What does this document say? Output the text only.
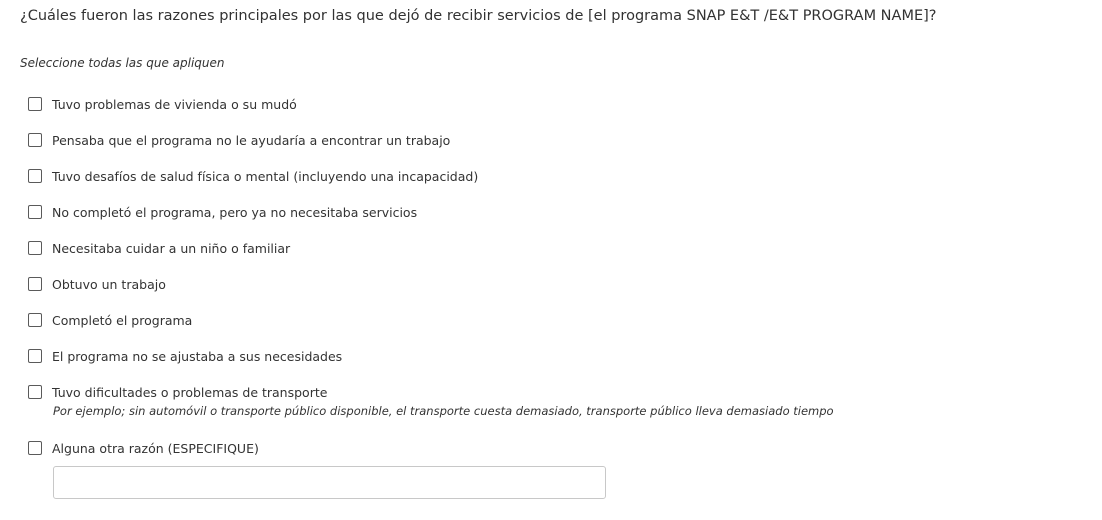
¿Cuáles fueron las razones principales por las que dejó de recibir servicios de [el programa SNAP E&T /E&T PROGRAM NAME]?
Seleccione todas las que apliquen
Tuvo problemas de vivienda o su mudó
Pensaba que el programa no le ayudaría a encontrar un trabajo
Tuvo desafíos de salud física o mental (incluyendo una incapacidad)
No completó el programa, pero ya no necesitaba servicios
Necesitaba cuidar a un niño o familiar
Obtuvo un trabajo
Completó el programa
El programa no se ajustaba a sus necesidades
Tuvo dificultades o problemas de transporte
Por ejemplo; sin automóvil o transporte público disponible, el transporte cuesta demasiado, transporte público lleva demasiado tiempo
Alguna otra razón (ESPECIFIQUE)
